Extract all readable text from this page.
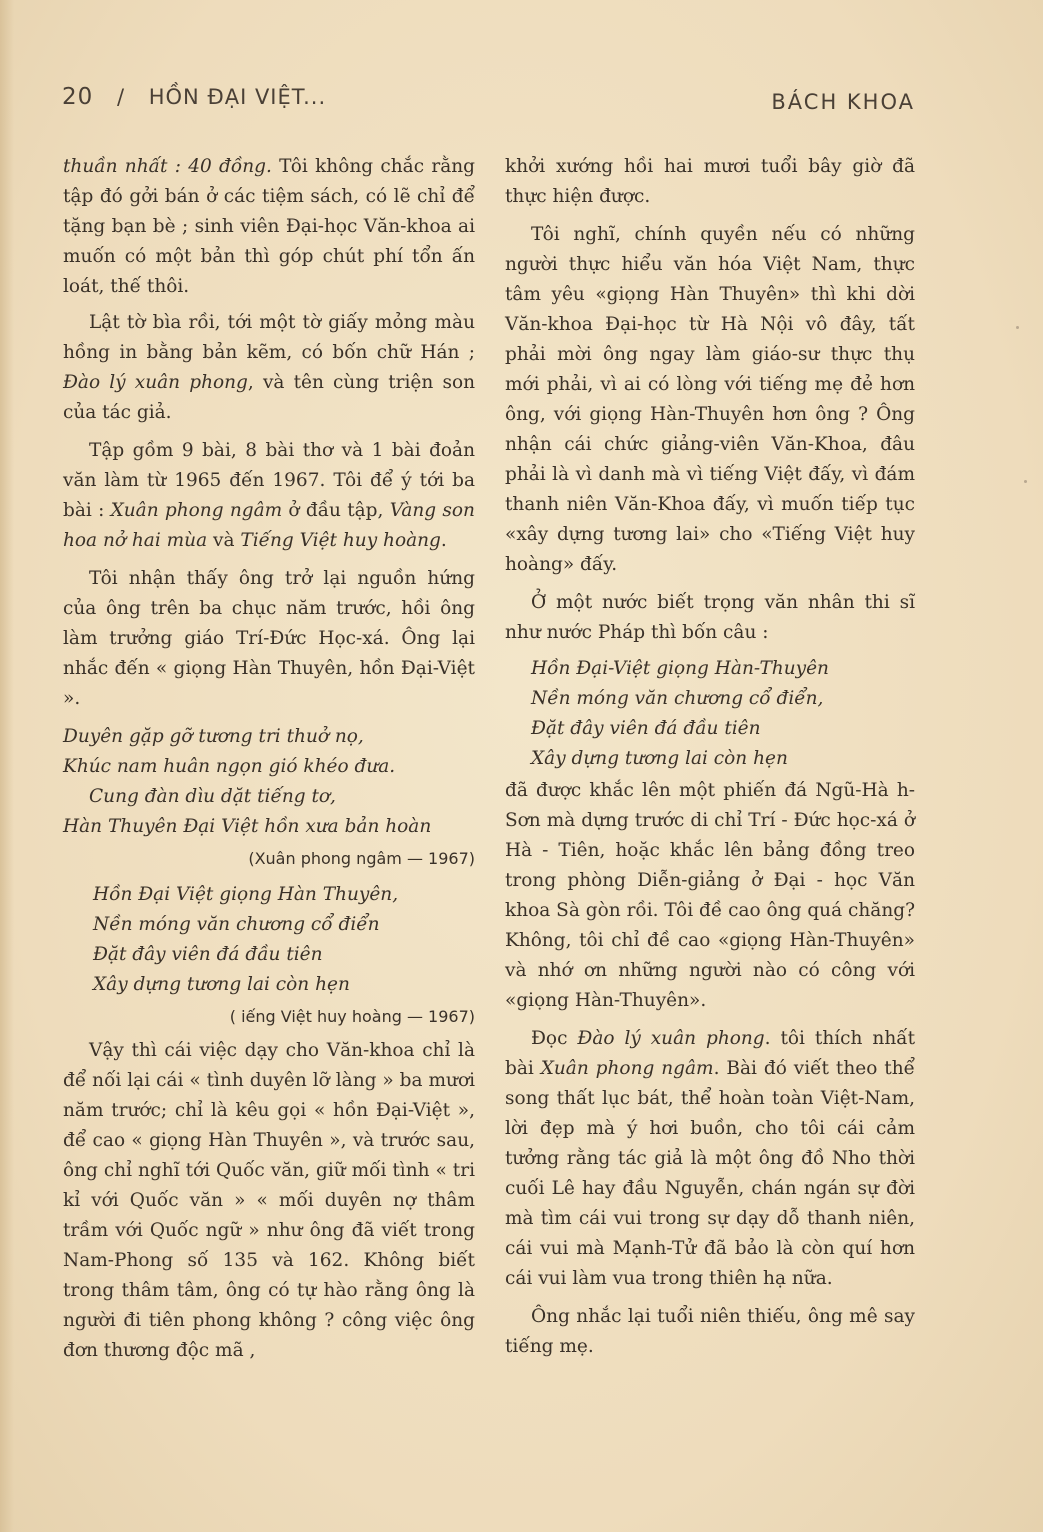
20 / HỒN ĐẠI VIỆT...	BÁCH KHOA

thuần nhất : 40 đồng. Tôi không chắc rằng tập đó gởi bán ở các tiệm sách, có lẽ chỉ để tặng bạn bè ; sinh viên Đại-học Văn-khoa ai muốn có một bản thì góp chút phí tổn ấn loát, thế thôi.

Lật tờ bìa rồi, tới một tờ giấy mỏng màu hồng in bằng bản kẽm, có bốn chữ Hán ; Đào lý xuân phong, và tên cùng triện son của tác giả.

Tập gồm 9 bài, 8 bài thơ và 1 bài đoản văn làm từ 1965 đến 1967. Tôi để ý tới ba bài : Xuân phong ngâm ở đầu tập, Vàng son hoa nở hai mùa và Tiếng Việt huy hoàng.

Tôi nhận thấy ông trở lại nguồn hứng của ông trên ba chục năm trước, hồi ông làm trưởng giáo Trí-Đức Học-xá. Ông lại nhắc đến « giọng Hàn Thuyên, hồn Đại-Việt ».

Duyên gặp gỡ tương tri thuở nọ,
Khúc nam huân ngọn gió khéo đưa.
Cung đàn dìu dặt tiếng tơ,
Hàn Thuyên Đại Việt hồn xưa bản hoàn
(Xuân phong ngâm — 1967)
Hồn Đại Việt giọng Hàn Thuyên,
Nền móng văn chương cổ điển
Đặt đây viên đá đầu tiên
Xây dựng tương lai còn hẹn
( iếng Việt huy hoàng — 1967)

Vậy thì cái việc dạy cho Văn-khoa chỉ là để nối lại cái « tình duyên lỡ làng » ba mươi năm trước; chỉ là kêu gọi « hồn Đại-Việt », để cao « giọng Hàn Thuyên », và trước sau, ông chỉ nghĩ tới Quốc văn, giữ mối tình « tri kỉ với Quốc văn » « mối duyên nợ thâm trầm với Quốc ngữ » như ông đã viết trong Nam-Phong số 135 và 162. Không biết trong thâm tâm, ông có tự hào rằng ông là người đi tiên phong không ? công việc ông đơn thương độc mã ,

khởi xướng hồi hai mươi tuổi bây giờ đã thực hiện được.

Tôi nghĩ, chính quyền nếu có những người thực hiểu văn hóa Việt Nam, thực tâm yêu «giọng Hàn Thuyên» thì khi dời Văn-khoa Đại-học từ Hà Nội vô đây, tất phải mời ông ngay làm giáo-sư thực thụ mới phải, vì ai có lòng với tiếng mẹ đẻ hơn ông, với giọng Hàn-Thuyên hơn ông ? Ông nhận cái chức giảng-viên Văn-Khoa, đâu phải là vì danh mà vì tiếng Việt đấy, vì đám thanh niên Văn-Khoa đấy, vì muốn tiếp tục «xây dựng tương lai» cho «Tiếng Việt huy hoàng» đấy.

Ở một nước biết trọng văn nhân thi sĩ như nước Pháp thì bốn câu :

Hồn Đại-Việt giọng Hàn-Thuyên
Nền móng văn chương cổ điển,
Đặt đây viên đá đầu tiên
Xây dựng tương lai còn hẹn

đã được khắc lên một phiến đá Ngũ-Hà h-Sơn mà dựng trước di chỉ Trí - Đức học-xá ở Hà - Tiên, hoặc khắc lên bảng đồng treo trong phòng Diễn-giảng ở Đại - học Văn khoa Sà gòn rồi. Tôi đề cao ông quá chăng? Không, tôi chỉ đề cao «giọng Hàn-Thuyên» và nhớ ơn những người nào có công với «giọng Hàn-Thuyên».

Đọc Đào lý xuân phong. tôi thích nhất bài Xuân phong ngâm. Bài đó viết theo thể song thất lục bát, thể hoàn toàn Việt-Nam, lời đẹp mà ý hơi buồn, cho tôi cái cảm tưởng rằng tác giả là một ông đồ Nho thời cuối Lê hay đầu Nguyễn, chán ngán sự đời mà tìm cái vui trong sự dạy dỗ thanh niên, cái vui mà Mạnh-Tử đã bảo là còn quí hơn cái vui làm vua trong thiên hạ nữa.

Ông nhắc lại tuổi niên thiếu, ông mê say tiếng mẹ.
